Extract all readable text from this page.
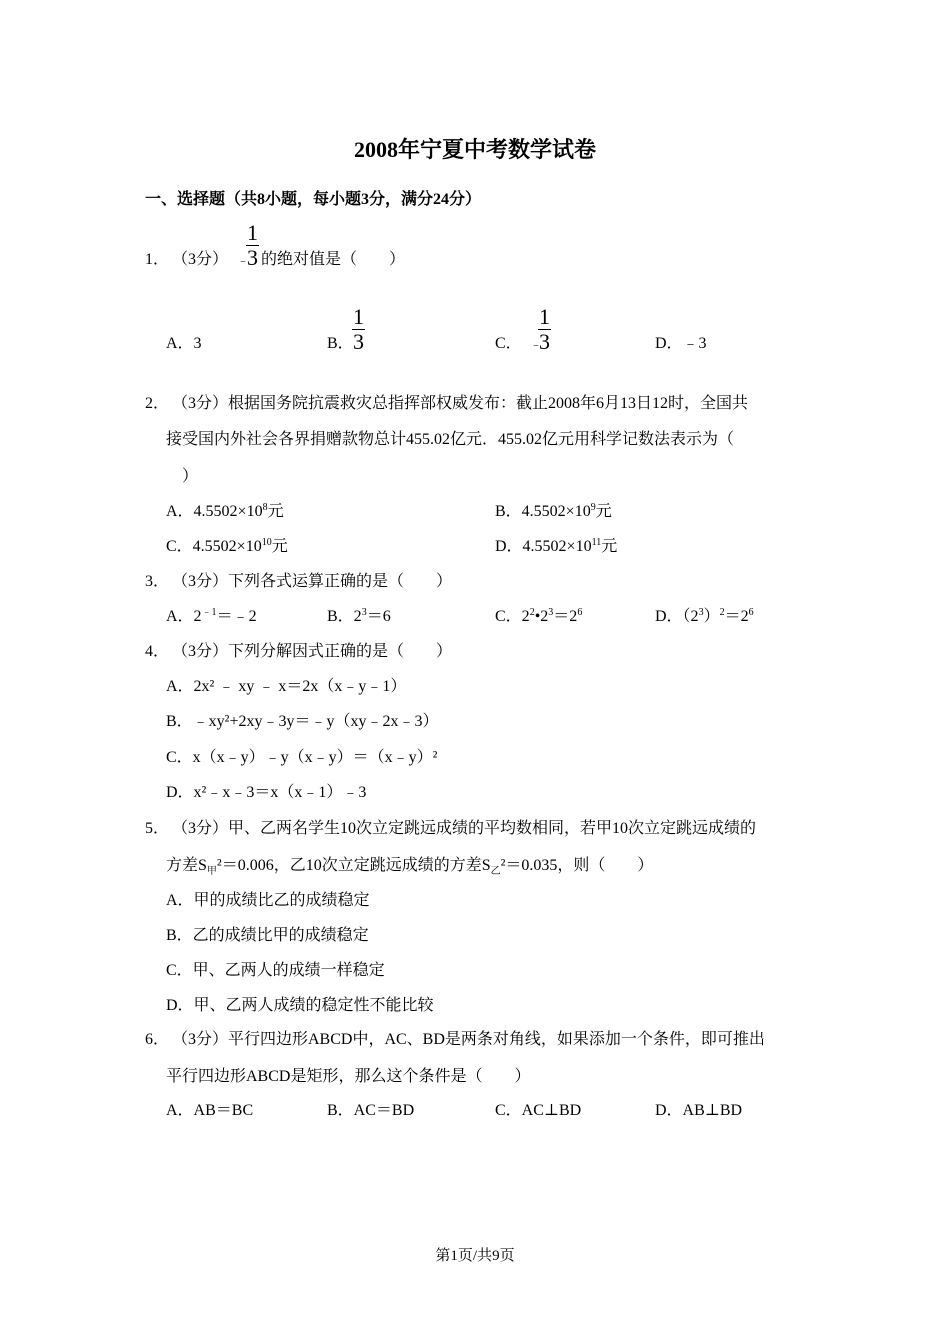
2008年宁夏中考数学试卷
一、选择题（共8小题，每小题3分，满分24分）
1． （3分） ﹣
1
3 的绝对值是（　　）
A．3	B．
1
3	C． ﹣
1
3	D．﹣3
2． （3分）根据国务院抗震救灾总指挥部权威发布：截止2008年6月13日12时，全国共
接受国内外社会各界捐赠款物总计455.02亿元．455.02亿元用科学记数法表示为（
）
A．$4.5502\times 10^8$元	B．$4.5502\times 10^9$元
C．$4.5502\times 10^{10}$元	D．$4.5502\times 10^{11}$元
3． （3分）下列各式运算正确的是（　　）
A．$2^{﹣1}=﹣2$	B．$2^3=6$	C．$2^2•2^3=2^6$	D．$(2^3)^2=2^6$
4． （3分）下列分解因式正确的是（　　）
A．2x² ﹣ xy ﹣ x＝2x（x﹣y﹣1）
B．﹣xy²+2xy﹣3y＝﹣y（xy﹣2x﹣3）
C．x（x﹣y）﹣y（x﹣y）＝（x﹣y）²
D．x²﹣x﹣3＝x（x﹣1）﹣3
5． （3分）甲、乙两名学生10次立定跳远成绩的平均数相同，若甲10次立定跳远成绩的
方差$S_甲^2=0.006$，乙10次立定跳远成绩的方差$S_乙^2=0.035$，则（　　）
A．甲的成绩比乙的成绩稳定
B．乙的成绩比甲的成绩稳定
C．甲、乙两人的成绩一样稳定
D．甲、乙两人成绩的稳定性不能比较
6． （3分）平行四边形ABCD中，AC、BD是两条对角线，如果添加一个条件，即可推出
平行四边形ABCD是矩形，那么这个条件是（　　）
A．AB＝BC	B．AC＝BD	C．AC⊥BD	D．AB⊥BD
第1页/共9页
